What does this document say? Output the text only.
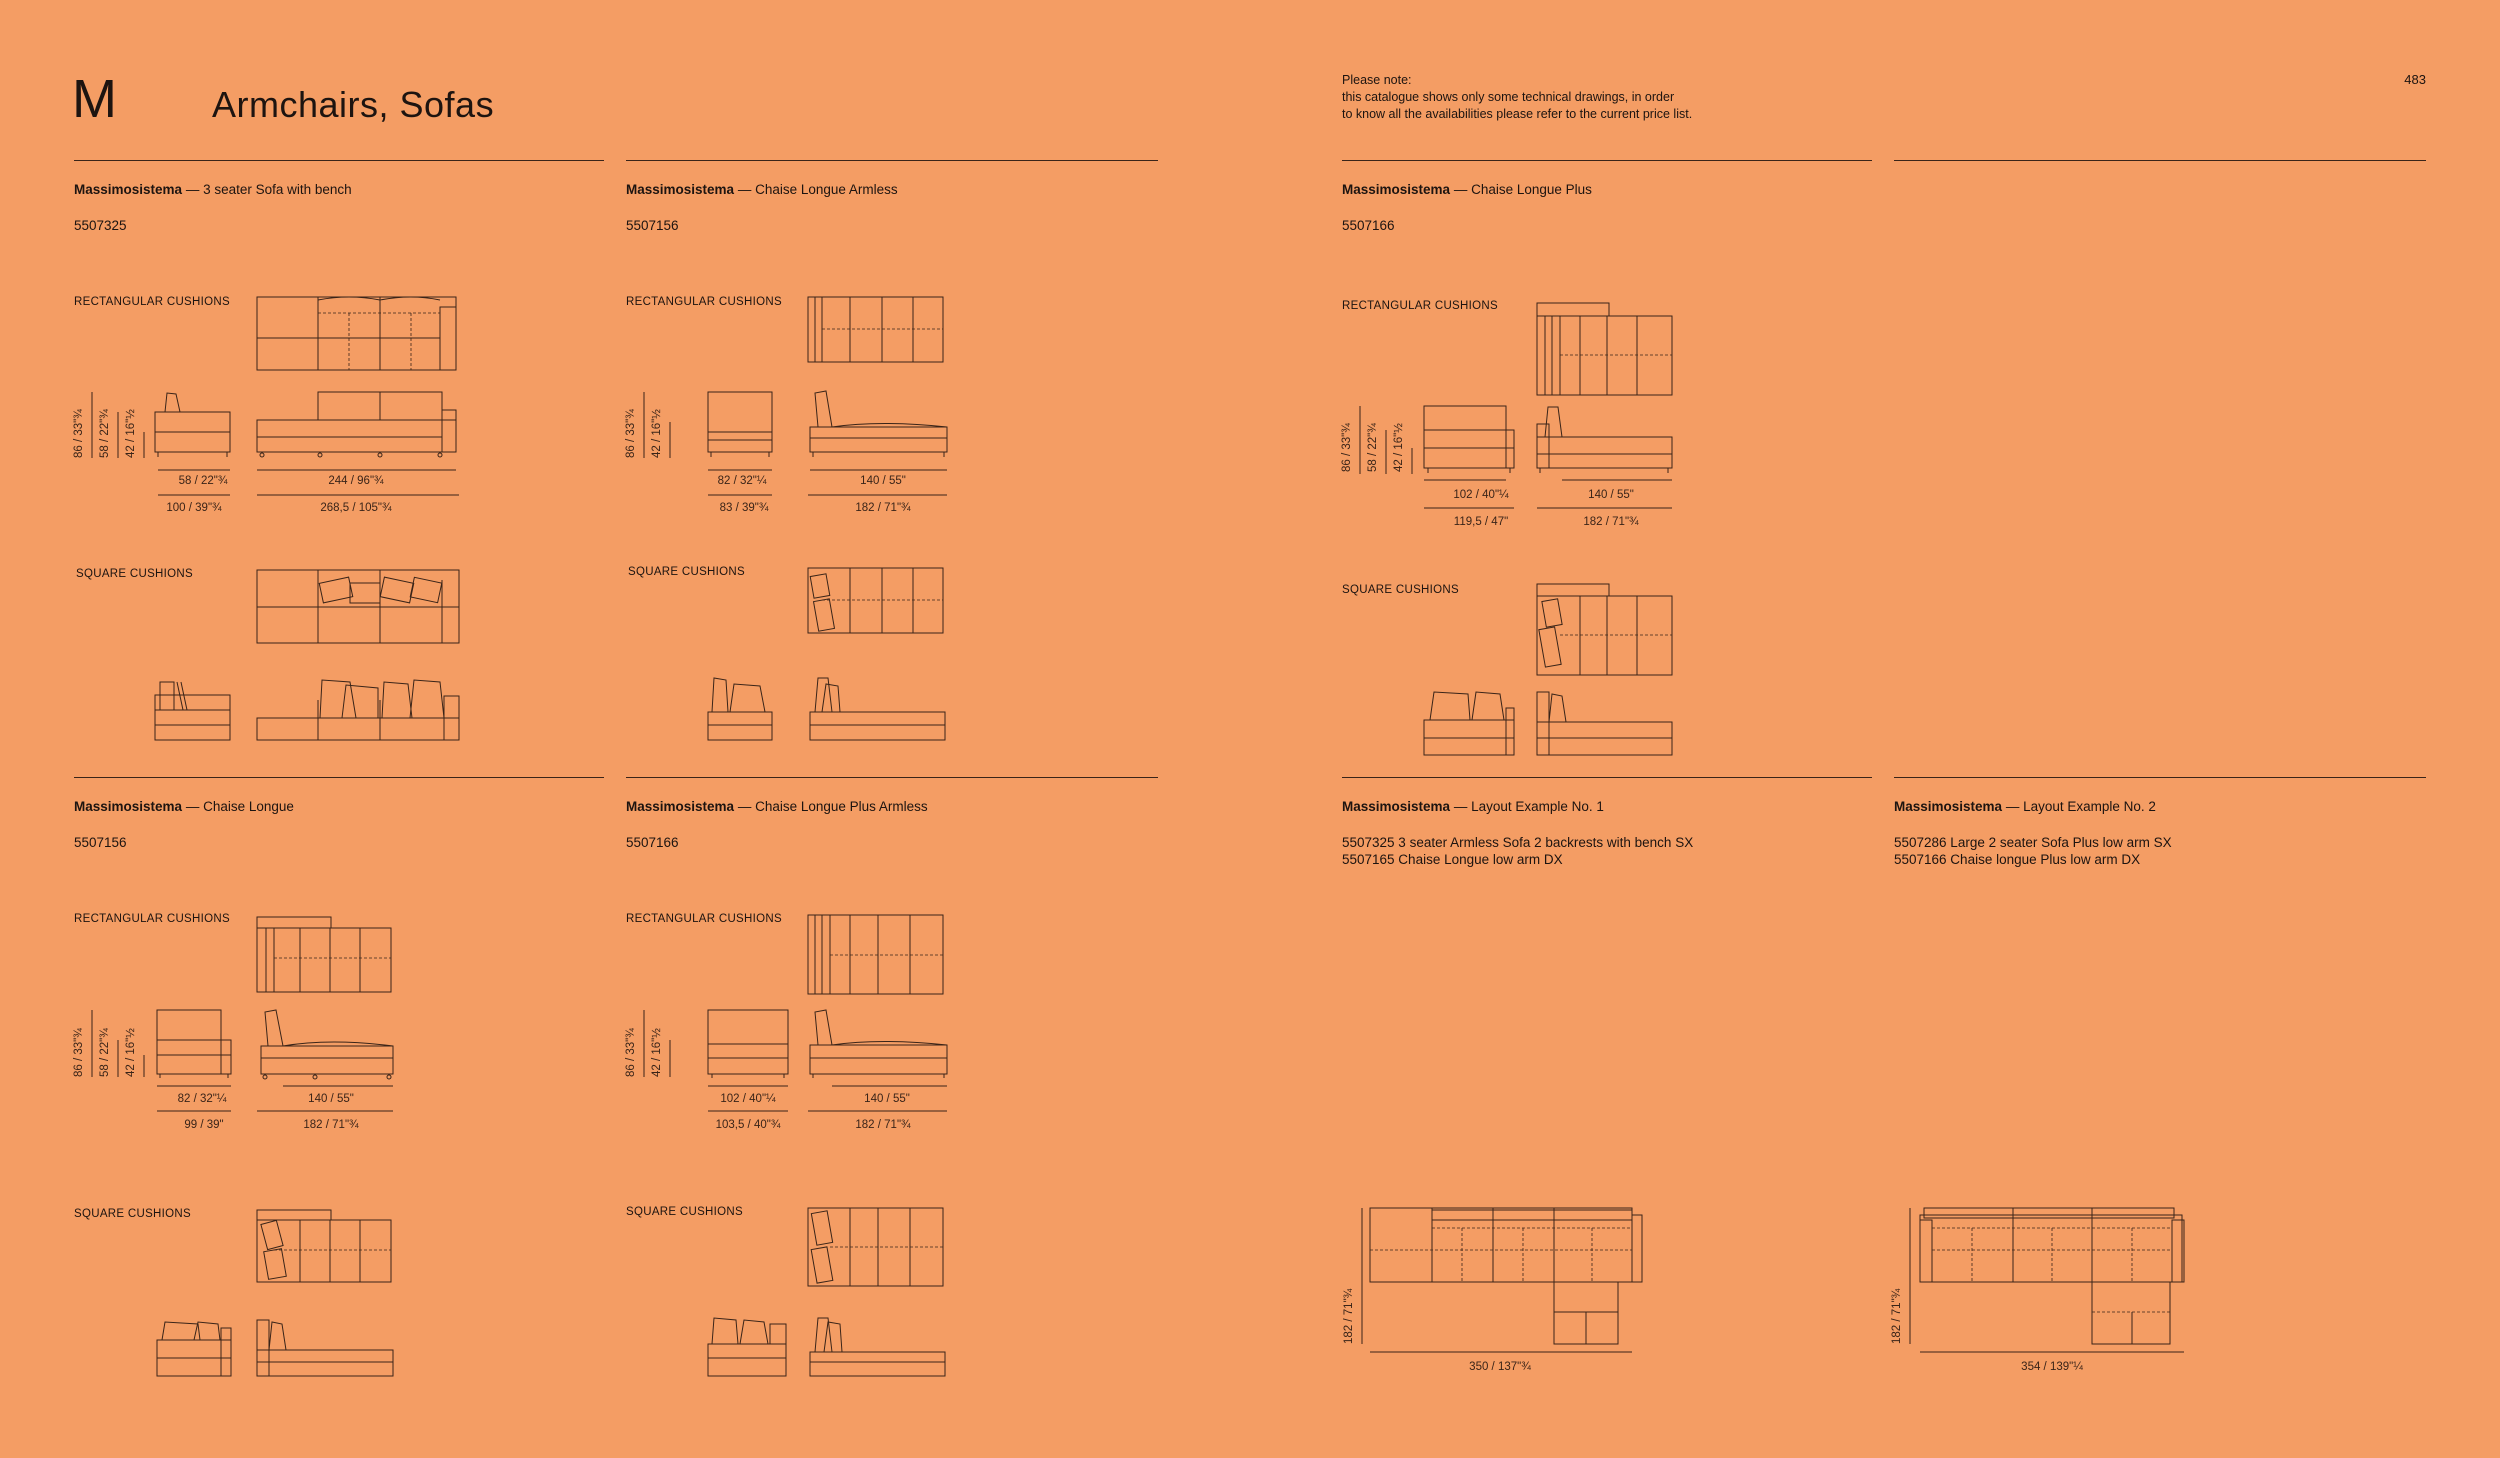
M	Armchairs, Sofas
Please note:
this catalogue shows only some technical drawings, in order
to know all the availabilities please refer to the current price list.
483
Massimosistema — 3 seater Sofa with bench
5507325
RECTANGULAR CUSHIONS
SQUARE CUSHIONS
Massimosistema — Chaise Longue Armless
5507156
RECTANGULAR CUSHIONS
SQUARE CUSHIONS
Massimosistema — Chaise Longue Plus
5507166
RECTANGULAR CUSHIONS
SQUARE CUSHIONS
Massimosistema — Chaise Longue
5507156
RECTANGULAR CUSHIONS
SQUARE CUSHIONS
Massimosistema — Chaise Longue Plus Armless
5507166
RECTANGULAR CUSHIONS
SQUARE CUSHIONS
Massimosistema — Layout Example No. 1
5507325 3 seater Armless Sofa 2 backrests with bench SX
5507165 Chaise Longue low arm DX
Massimosistema — Layout Example No. 2
5507286 Large 2 seater Sofa Plus low arm SX
5507166 Chaise longue Plus low arm DX
86 / 33"¾ 58 / 22"¾ 42 / 16"½
58 / 22"¾	244 / 96"¾
100 / 39"¾	268,5 / 105"¾
86 / 33"¾ 42 / 16"½
82 / 32"¼	140 / 55"
83 / 39"¾	182 / 71"¾
86 / 33"¾ 58 / 22"¾ 42 / 16"½
102 / 40"¼	140 / 55"
119,5 / 47"	182 / 71"¾
86 / 33"¾ 58 / 22"¾ 42 / 16"½
82 / 32"¼	140 / 55"
99 / 39"	182 / 71"¾
86 / 33"¾ 42 / 16"½
102 / 40"¼	140 / 55"
103,5 / 40"¾	182 / 71"¾
182 / 71"¾
350 / 137"¾
182 / 71"¾
354 / 139"¼
